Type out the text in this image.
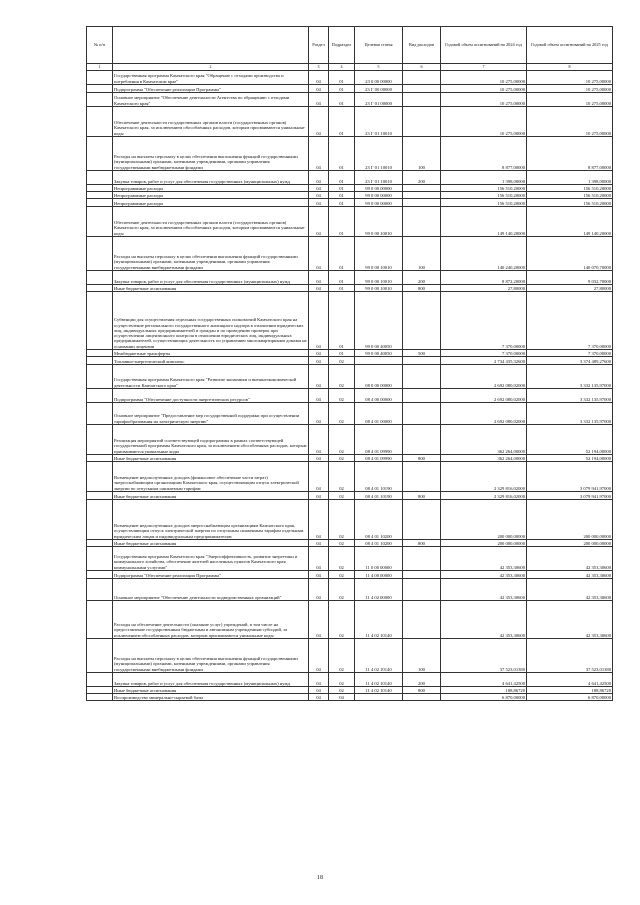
№ п/п		Раздел	Подраздел	Целевая статья	Вид расходов	Годовой объем ассигнований на 2024 год	Годовой объем ассигнований на 2025 год
1	2	3	4	5	6	7	8
	Государственная программа Камчатского края "Обращение с отходами производства и потребления в Камчатском крае"	04	01	23 0 00 00000		10 275,00000	10 275,00000
	Подпрограмма "Обеспечение реализации Программы"	04	01	23 Г 00 00000		10 275,00000	10 275,00000
	Основное мероприятие "Обеспечение деятельности Агентства по обращению с отходами Камчатского края"	04	01	23 Г 01 00000		10 275,00000	10 275,00000
	Обеспечение деятельности государственных органов власти (государственных органов) Камчатского края, за исключением обособленных расходов, которым присваиваются уникальные коды	04	01	23 Г 01 10010		10 275,00000	10 275,00000
	Расходы на выплаты персоналу в целях обеспечения выполнения функций государственными (муниципальными) органами, казенными учреждениями, органами управления государственными внебюджетными фондами	04	01	23 Г 01 10010	100	8 877,00000	8 877,00000
	Закупка товаров, работ и услуг для обеспечения государственных (муниципальных) нужд	04	01	23 Г 01 10010	200	1 398,00000	1 398,00000
	Непрограммные расходы	04	01	99 0 00 00000		156 510,20000	156 510,20000
	Непрограммные расходы	04	01	99 0 00 00000		156 510,20000	156 510,20000
	Непрограммные расходы	04	01	99 0 00 00000		156 510,20000	156 510,20000
	Обеспечение деятельности государственных органов власти (государственных органов) Камчатского края, за исключением обособленных расходов, которым присваиваются уникальные коды	04	01	99 0 00 10010		149 140,20000	149 140,20000
	Расходы на выплаты персоналу в целях обеспечения выполнения функций государственными (муниципальными) органами, казенными учреждениями, органами управления государственными внебюджетными фондами	04	01	99 0 00 10010	100	140 240,20000	140 070,70000
	Закупка товаров, работ и услуг для обеспечения государственных (муниципальных) нужд	04	01	99 0 00 10010	200	8 872,20000	9 032,70000
	Иные бюджетные ассигнования	04	01	99 0 00 10010	800	27,80000	27,80000
	Субвенции для осуществления отдельных государственных полномочий Камчатского края на осуществление регионального государственного жилищного надзора в отношении юридических лиц, индивидуальных предпринимателей и граждан и по проведению проверок при осуществлении лицензионного контроля в отношении юридических лиц, индивидуальных предпринимателей, осуществляющих деятельность по управлению многоквартирными домами на основании лицензии	04	01	99 0 00 40050		7 370,00000	7 370,00000
	Межбюджетные трансферты	04	01	99 0 00 40050	500	7 370,00000	7 370,00000
	Топливно-энергетический комплекс	04	02			2 734 435,32600	3 374 489,27600
	Государственная программа Камчатского края "Развитие экономики и внешнеэкономической деятельности Камчатского края"	04	02	08 0 00 00000		2 692 080,02000	3 332 135,97000
	Подпрограмма "Обеспечение доступности энергетических ресурсов"	04	02	08 4 00 00000		2 692 080,02000	3 332 135,97000
	Основное мероприятие "Предоставление мер государственной поддержки при осуществлении тарифообразования на электрическую энергию"	04	02	08 4 01 00000		2 692 080,02000	3 332 135,97000
	Реализация мероприятий соответствующей подпрограммы в рамках соответствующей государственной программы Камчатского края, за исключением обособленных расходов, которым присваиваются уникальные коды	04	02	08 4 01 09990		362 264,00000	52 194,00000
	Иные бюджетные ассигнования	04	02	08 4 01 09990	800	362 264,00000	52 194,00000
	Возмещение недополученных доходов (финансовое обеспечение части затрат) энергоснабжающим организациям Камчатского края, осуществляющим отпуск электрической энергии по отпускным снижаемым тарифам	04	02	08 4 01 10190		2 329 816,02000	3 079 941,97000
	Иные бюджетные ассигнования	04	02	08 4 01 10190	800	2 329 816,02000	3 079 941,97000
	Возмещение недополученных доходов энергоснабжающим организациям Камчатского края, осуществляющим отпуск электрической энергии по отпускным сниженным тарифам отдельным юридическим лицам и индивидуальным предпринимателям	04	02	08 4 01 10200		200 000,00000	200 000,00000
	Иные бюджетные ассигнования	04	02	08 4 01 10200	800	200 000,00000	200 000,00000
	Государственная программа Камчатского края "Энергоэффективность, развитие энергетики и коммунального хозяйства, обеспечение жителей населенных пунктов Камчатского края коммунальными услугами"	04	02	11 0 00 00000		42 353,30600	42 353,30600
	Подпрограмма "Обеспечение реализации Программы"	04	02	11 4 00 00000		42 353,30600	42 353,30600
	Основное мероприятие "Обеспечение деятельности подведомственных организаций"	04	02	11 4 02 00000		42 353,30600	42 353,30600
	Расходы на обеспечение деятельности (оказание услуг) учреждений, в том числе на предоставление государственным бюджетным и автономным учреждениям субсидий, за исключением обособленных расходов, которым присваиваются уникальные коды	04	02	11 4 02 10140		42 353,30600	42 353,30600
	Расходы на выплаты персоналу в целях обеспечения выполнения функций государственными (муниципальными) органами, казенными учреждениями, органами управления государственными внебюджетными фондами	04	02	11 4 02 10140	100	37 523,01380	37 523,01380
	Закупка товаров, работ и услуг для обеспечения государственных (муниципальных) нужд	04	02	11 4 02 10140	200	4 641,42500	4 641,42500
	Иные бюджетные ассигнования	04	02	11 4 02 10140	800	188,86720	188,86720
	Воспроизводство минерально-сырьевой базы	04	04			6 870,00000	6 870,00000
18
